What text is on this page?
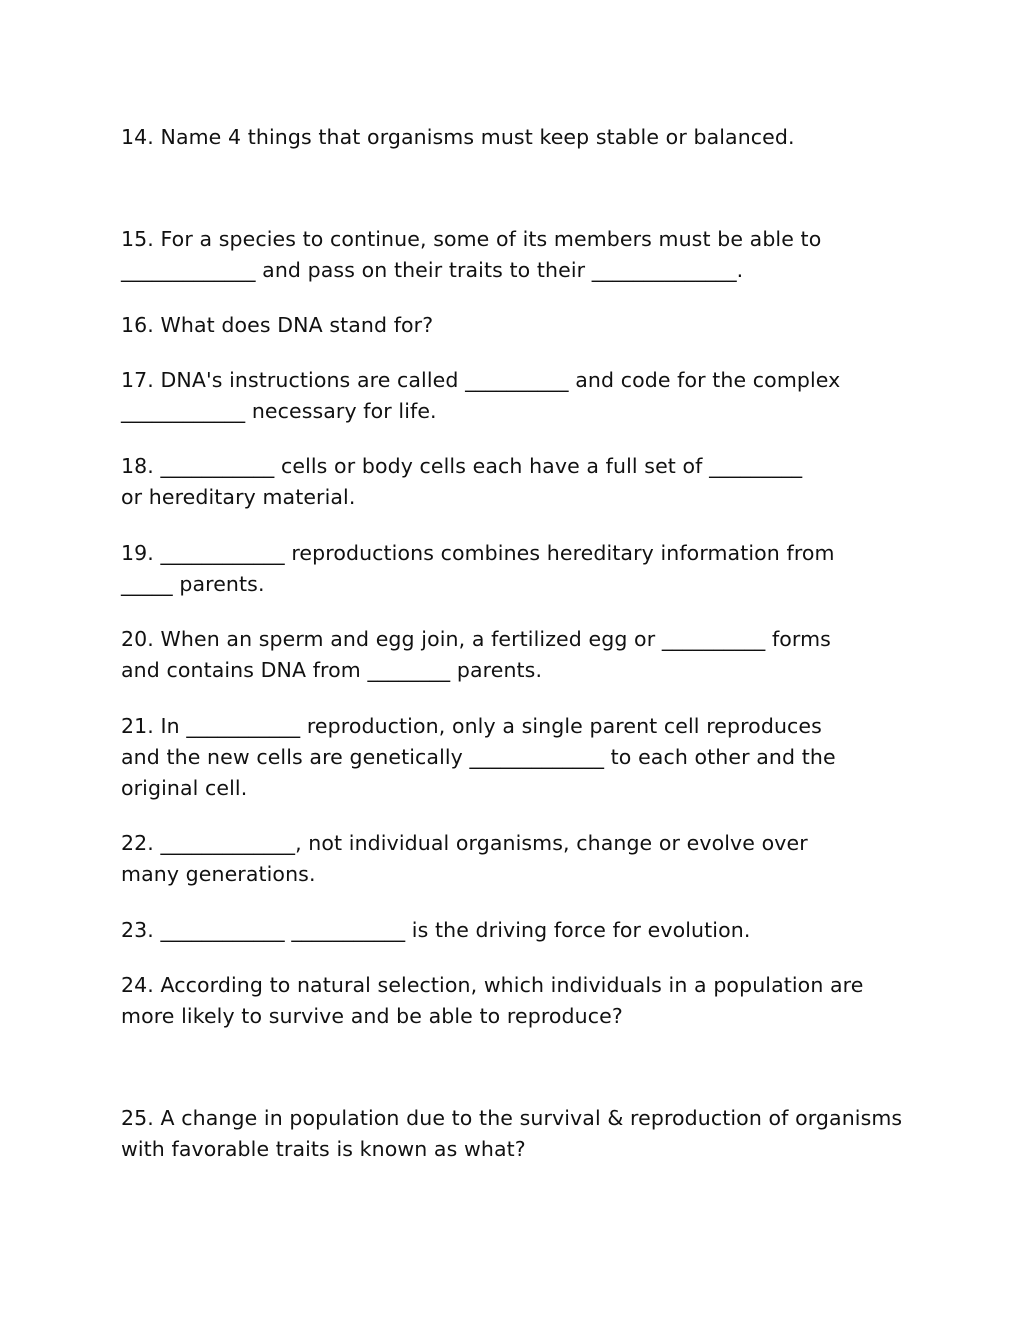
14. Name 4 things that organisms must keep stable or balanced.

15. For a species to continue, some of its members must be able to
_____________ and pass on their traits to their ______________.

16. What does DNA stand for?

17. DNA's instructions are called __________ and code for the complex
____________ necessary for life.

18. ___________ cells or body cells each have a full set of _________
or hereditary material.

19. ____________ reproductions combines hereditary information from
_____ parents.

20. When an sperm and egg join, a fertilized egg or __________ forms
and contains DNA from ________ parents.

21. In ___________ reproduction, only a single parent cell reproduces
and the new cells are genetically _____________ to each other and the
original cell.

22. _____________, not individual organisms, change or evolve over
many generations.

23. ____________ ___________ is the driving force for evolution.

24. According to natural selection, which individuals in a population are
more likely to survive and be able to reproduce?

25. A change in population due to the survival & reproduction of organisms
with favorable traits is known as what?
